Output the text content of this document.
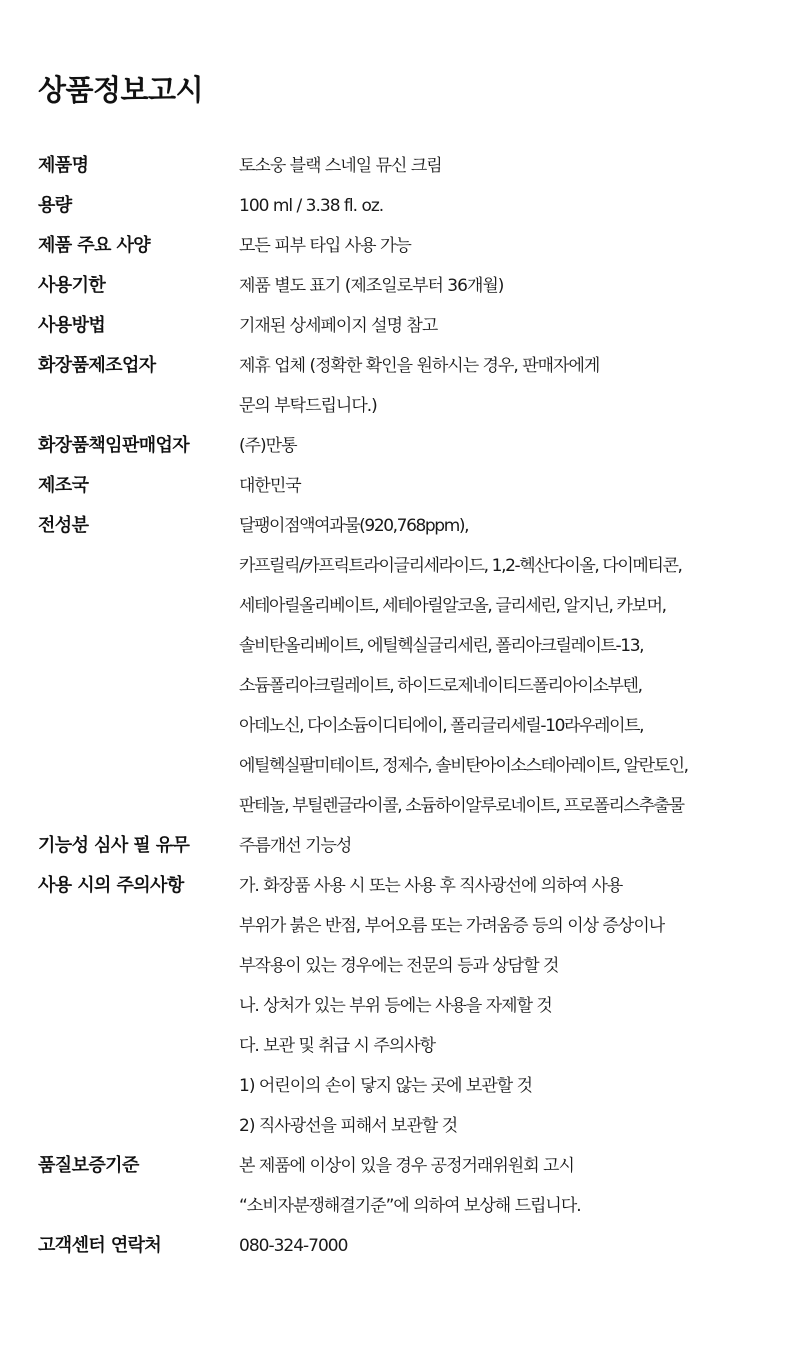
상품정보고시
제품명	토소웅 블랙 스네일 뮤신 크림
용량	100 ml / 3.38 fl. oz.
제품 주요 사양	모든 피부 타입 사용 가능
사용기한	제품 별도 표기 (제조일로부터 36개월)
사용방법	기재된 상세페이지 설명 참고
화장품제조업자	제휴 업체 (정확한 확인을 원하시는 경우, 판매자에게
문의 부탁드립니다.)
화장품책임판매업자	(주)만통
제조국	대한민국
전성분	달팽이점액여과물(920,768ppm),
카프릴릭/카프릭트라이글리세라이드, 1,2-헥산다이올, 다이메티콘,
세테아릴올리베이트, 세테아릴알코올, 글리세린, 알지닌, 카보머,
솔비탄올리베이트, 에틸헥실글리세린, 폴리아크릴레이트-13,
소듐폴리아크릴레이트, 하이드로제네이티드폴리아이소부텐,
아데노신, 다이소듐이디티에이, 폴리글리세릴-10라우레이트,
에틸헥실팔미테이트, 정제수, 솔비탄아이소스테아레이트, 알란토인,
판테놀, 부틸렌글라이콜, 소듐하이알루로네이트, 프로폴리스추출물
기능성 심사 필 유무	주름개선 기능성
사용 시의 주의사항	가. 화장품 사용 시 또는 사용 후 직사광선에 의하여 사용
부위가 붉은 반점, 부어오름 또는 가려움증 등의 이상 증상이나
부작용이 있는 경우에는 전문의 등과 상담할 것
나. 상처가 있는 부위 등에는 사용을 자제할 것
다. 보관 및 취급 시 주의사항
1) 어린이의 손이 닿지 않는 곳에 보관할 것
2) 직사광선을 피해서 보관할 것
품질보증기준	본 제품에 이상이 있을 경우 공정거래위원회 고시
“소비자분쟁해결기준”에 의하여 보상해 드립니다.
고객센터 연락처	080-324-7000
